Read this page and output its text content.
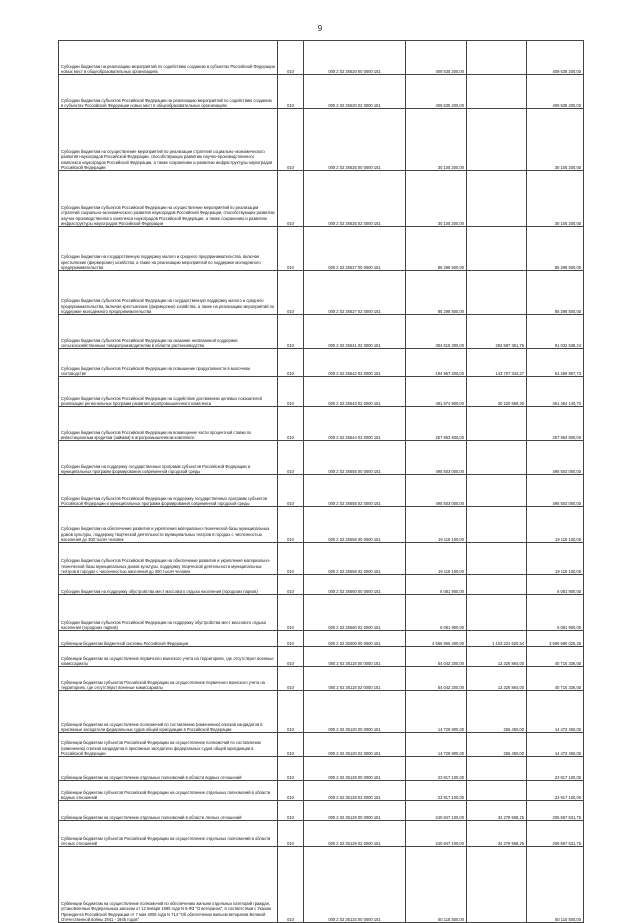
9
Субсидии бюджетам на реализацию мероприятий по содействию созданию в субъектах Российской Федерации новых мест в общеобразовательных организациях	010	000 2 02 25520 00 0000 151	409 535 200,00		409 535 200,00
Субсидии бюджетам субъектов Российской Федерации на реализацию мероприятий по содействию созданию в субъектах Российской Федерации новых мест в общеобразовательных организациях	010	000 2 02 25520 02 0000 151	409 535 200,00		409 535 200,00
Субсидии бюджетам на осуществление мероприятий по реализации стратегий социально-экономического развития наукоградов Российской Федерации, способствующих развитию научно-производственного комплекса наукоградов Российской Федерации, а также сохранению и развитию инфраструктуры наукоградов Российской Федерации	010	000 2 02 25525 00 0000 151	30 105 200,00		30 105 200,00
Субсидии бюджетам субъектов Российской Федерации на осуществление мероприятий по реализации стратегий социально-экономического развития наукоградов Российской Федерации, способствующих развитию научно-производственного комплекса наукоградов Российской Федерации, а также сохранению и развитию инфраструктуры наукоградов Российской Федерации	010	000 2 02 25525 02 0000 151	30 105 200,00		30 105 200,00
Субсидии бюджетам на государственную поддержку малого и среднего предпринимательства, включая крестьянские (фермерские) хозяйства, а также на реализацию мероприятий по поддержке молодежного предпринимательства	010	000 2 02 25527 00 0000 151	85 298 500,00		85 298 500,00
Субсидии бюджетам субъектов Российской Федерации на государственную поддержку малого и среднего предпринимательства, включая крестьянские (фермерские) хозяйства, а также на реализацию мероприятий по поддержке молодежного предпринимательства	010	000 2 02 25527 02 0000 151	85 298 500,00		85 298 500,00
Субсидии бюджетам субъектов Российской Федерации на оказание несвязанной поддержки сельскохозяйственным товаропроизводителям в области растениеводства	010	000 2 02 25541 02 0000 151	384 619 300,00	292 587 361,76	91 032 538,24
Субсидии бюджетам субъектов Российской Федерации на повышение продуктивности в молочном скотоводстве	010	000 2 02 25542 02 0000 151	194 967 200,00	143 707 342,27	51 259 857,73
Субсидии бюджетам субъектов Российской Федерации на содействие достижению целевых показателей реализации региональных программ развития агропромышленного комплекса	010	000 2 02 25543 02 0000 151	491 674 800,00	30 220 659,30	461 454 140,70
Субсидии бюджетам субъектов Российской Федерации на возмещение части процентной ставки по инвестиционным кредитам (займам) в агропромышленном комплексе	010	000 2 02 25544 02 0000 151	257 963 800,00		257 963 800,00
Субсидии бюджетам на поддержку государственных программ субъектов Российской Федерации и муниципальных программ формирования современной городской среды	010	000 2 02 25555 00 0000 151	495 503 000,00		495 503 000,00
Субсидии бюджетам субъектов Российской Федерации на поддержку государственных программ субъектов Российской Федерации и муниципальных программ формирования современной городской среды	010	000 2 02 25555 02 0000 151	495 503 000,00		495 503 000,00
Субсидии бюджетам на обеспечение развития и укрепления материально-технической базы муниципальных домов культуры, поддержку творческой деятельности муниципальных театров в городах с численностью населения до 300 тысяч человек	010	000 2 02 25558 00 0000 151	19 118 100,00		19 118 100,00
Субсидии бюджетам субъектов Российской Федерации на обеспечение развития и укрепления материально-технической базы муниципальных домов культуры, поддержку творческой деятельности муниципальных театров в городах с численностью населения до 300 тысяч человек	010	000 2 02 25558 02 0000 151	19 118 100,00		19 118 100,00
Субсидии бюджетам на поддержку обустройства мест массового отдыха населения (городских парков)	010	000 2 02 25560 00 0000 151	6 081 900,00		6 081 900,00
Субсидии бюджетам субъектов Российской Федерации на поддержку обустройства мест массового отдыха населения (городских парков)	010	000 2 02 25560 02 0000 151	6 081 900,00		6 081 900,00
Субвенции бюджетам бюджетной системы Российской Федерации	010	000 2 02 30000 00 0000 151	4 565 966 400,00	1 103 231 620,54	3 586 680 025,25
Субвенции бюджетам на осуществление первичного воинского учета на территориях, где отсутствуют военные комиссариаты	010	000 2 02 35118 00 0000 151	54 042 200,00	13 326 864,00	40 715 336,00
Субвенции бюджетам субъектов Российской Федерации на осуществление первичного воинского учета на территориях, где отсутствуют военные комиссариаты	010	000 2 02 35118 02 0000 151	54 042 200,00	13 326 864,00	40 715 336,00
Субвенции бюджетам на осуществление полномочий по составлению (изменению) списков кандидатов в присяжные заседатели федеральных судов общей юрисдикции в Российской Федерации	010	000 2 02 35120 00 0000 151	14 729 900,00	256 450,00	14 473 450,00
Субвенции бюджетам субъектов Российской Федерации на осуществление полномочий по составлению (изменению) списков кандидатов в присяжные заседатели федеральных судов общей юрисдикции в Российской Федерации	010	000 2 02 35120 02 0000 151	14 729 900,00	256 450,00	14 473 450,00
Субвенции бюджетам на осуществление отдельных полномочий в области водных отношений	010	000 2 02 35128 00 0000 151	23 917 100,00		23 917 100,00
Субвенции бюджетам субъектов Российской Федерации на осуществление отдельных полномочий в области водных отношений	010	000 2 02 35128 02 0000 151	23 917 100,00		23 917 100,00
Субвенции бюджетам на осуществление отдельных полномочий в области лесных отношений	010	000 2 02 35129 00 0000 151	240 847 100,00	34 279 568,25	206 567 531,75
Субвенции бюджетам субъектов Российской Федерации на осуществление отдельных полномочий в области лесных отношений	010	000 2 02 35129 02 0000 151	240 847 100,00	34 279 568,25	206 567 531,75
Субвенции бюджетам на осуществление полномочий по обеспечению жильем отдельных категорий граждан, установленных Федеральным законом от 12 января 1995 года N 5-ФЗ "О ветеранах", в соответствии с Указом Президента Российской Федерации от 7 мая 2008 года N 714 "Об обеспечении жильем ветеранов Великой Отечественной войны 1941 - 1945 годов"	010	000 2 02 35134 00 0000 151	50 115 500,00		50 115 500,00
